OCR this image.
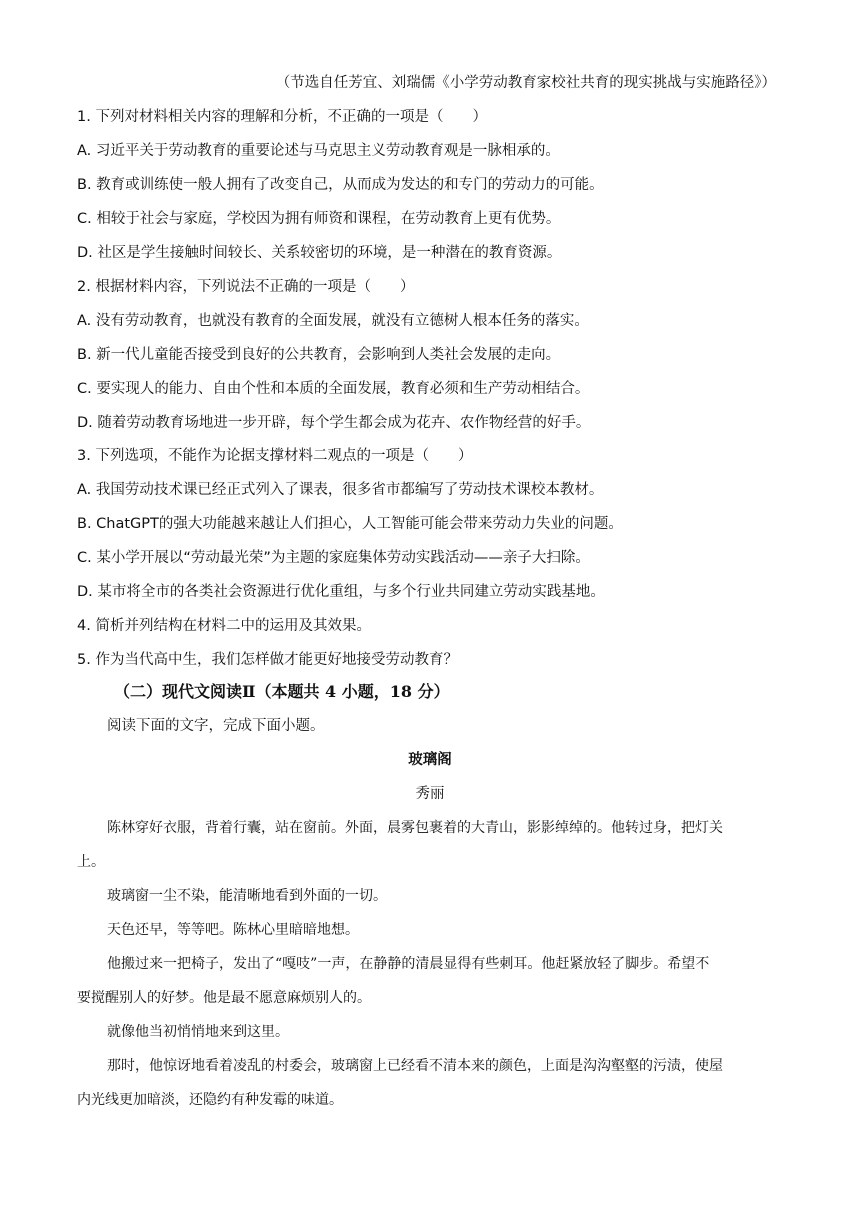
（节选自任芳宜、刘瑞儒《小学劳动教育家校社共育的现实挑战与实施路径》）
1. 下列对材料相关内容的理解和分析，不正确的一项是（　　）
A. 习近平关于劳动教育的重要论述与马克思主义劳动教育观是一脉相承的。
B. 教育或训练使一般人拥有了改变自己，从而成为发达的和专门的劳动力的可能。
C. 相较于社会与家庭，学校因为拥有师资和课程，在劳动教育上更有优势。
D. 社区是学生接触时间较长、关系较密切的环境，是一种潜在的教育资源。
2. 根据材料内容，下列说法不正确的一项是（　　）
A. 没有劳动教育，也就没有教育的全面发展，就没有立德树人根本任务的落实。
B. 新一代儿童能否接受到良好的公共教育，会影响到人类社会发展的走向。
C. 要实现人的能力、自由个性和本质的全面发展，教育必须和生产劳动相结合。
D. 随着劳动教育场地进一步开辟，每个学生都会成为花卉、农作物经营的好手。
3. 下列选项，不能作为论据支撑材料二观点的一项是（　　）
A. 我国劳动技术课已经正式列入了课表，很多省市都编写了劳动技术课校本教材。
B. ChatGPT的强大功能越来越让人们担心，人工智能可能会带来劳动力失业的问题。
C. 某小学开展以“劳动最光荣”为主题的家庭集体劳动实践活动——亲子大扫除。
D. 某市将全市的各类社会资源进行优化重组，与多个行业共同建立劳动实践基地。
4. 简析并列结构在材料二中的运用及其效果。
5. 作为当代高中生，我们怎样做才能更好地接受劳动教育？
（二）现代文阅读Ⅱ（本题共 4 小题，18 分）
阅读下面的文字，完成下面小题。
玻璃阁
秀丽
陈林穿好衣服，背着行囊，站在窗前。外面，晨雾包裹着的大青山，影影绰绰的。他转过身，把灯关
上。
玻璃窗一尘不染，能清晰地看到外面的一切。
天色还早，等等吧。陈林心里暗暗地想。
他搬过来一把椅子，发出了“嘎吱”一声，在静静的清晨显得有些刺耳。他赶紧放轻了脚步。希望不
要搅醒别人的好梦。他是最不愿意麻烦别人的。
就像他当初悄悄地来到这里。
那时，他惊讶地看着凌乱的村委会，玻璃窗上已经看不清本来的颜色，上面是沟沟壑壑的污渍，使屋
内光线更加暗淡，还隐约有种发霉的味道。
